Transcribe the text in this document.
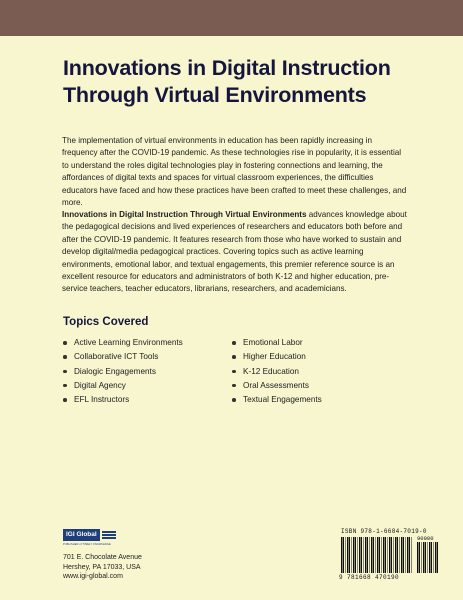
Innovations in Digital Instruction
Through Virtual Environments

The implementation of virtual environments in education has been rapidly increasing in frequency after the COVID-19 pandemic. As these technologies rise in popularity, it is essential to understand the roles digital technologies play in fostering connections and learning, the affordances of digital texts and spaces for virtual classroom experiences, the difficulties educators have faced and how these practices have been crafted to meet these challenges, and more.

Innovations in Digital Instruction Through Virtual Environments advances knowledge about the pedagogical decisions and lived experiences of researchers and educators both before and after the COVID-19 pandemic. It features research from those who have worked to sustain and develop digital/media pedagogical practices. Covering topics such as active learning environments, emotional labor, and textual engagements, this premier reference source is an excellent resource for educators and administrators of both K-12 and higher education, pre-service teachers, teacher educators, librarians, researchers, and academicians.

Topics Covered
Active Learning Environments
Collaborative ICT Tools
Dialogic Engagements
Digital Agency
EFL Instructors
Emotional Labor
Higher Education
K-12 Education
Oral Assessments
Textual Engagements
IGI Global
PUBLISHER of TIMELY KNOWLEDGE
701 E. Chocolate Avenue
Hershey, PA 17033, USA
www.igi-global.com
ISBN 978-1-6684-7019-0
90000
9 781668 470190
